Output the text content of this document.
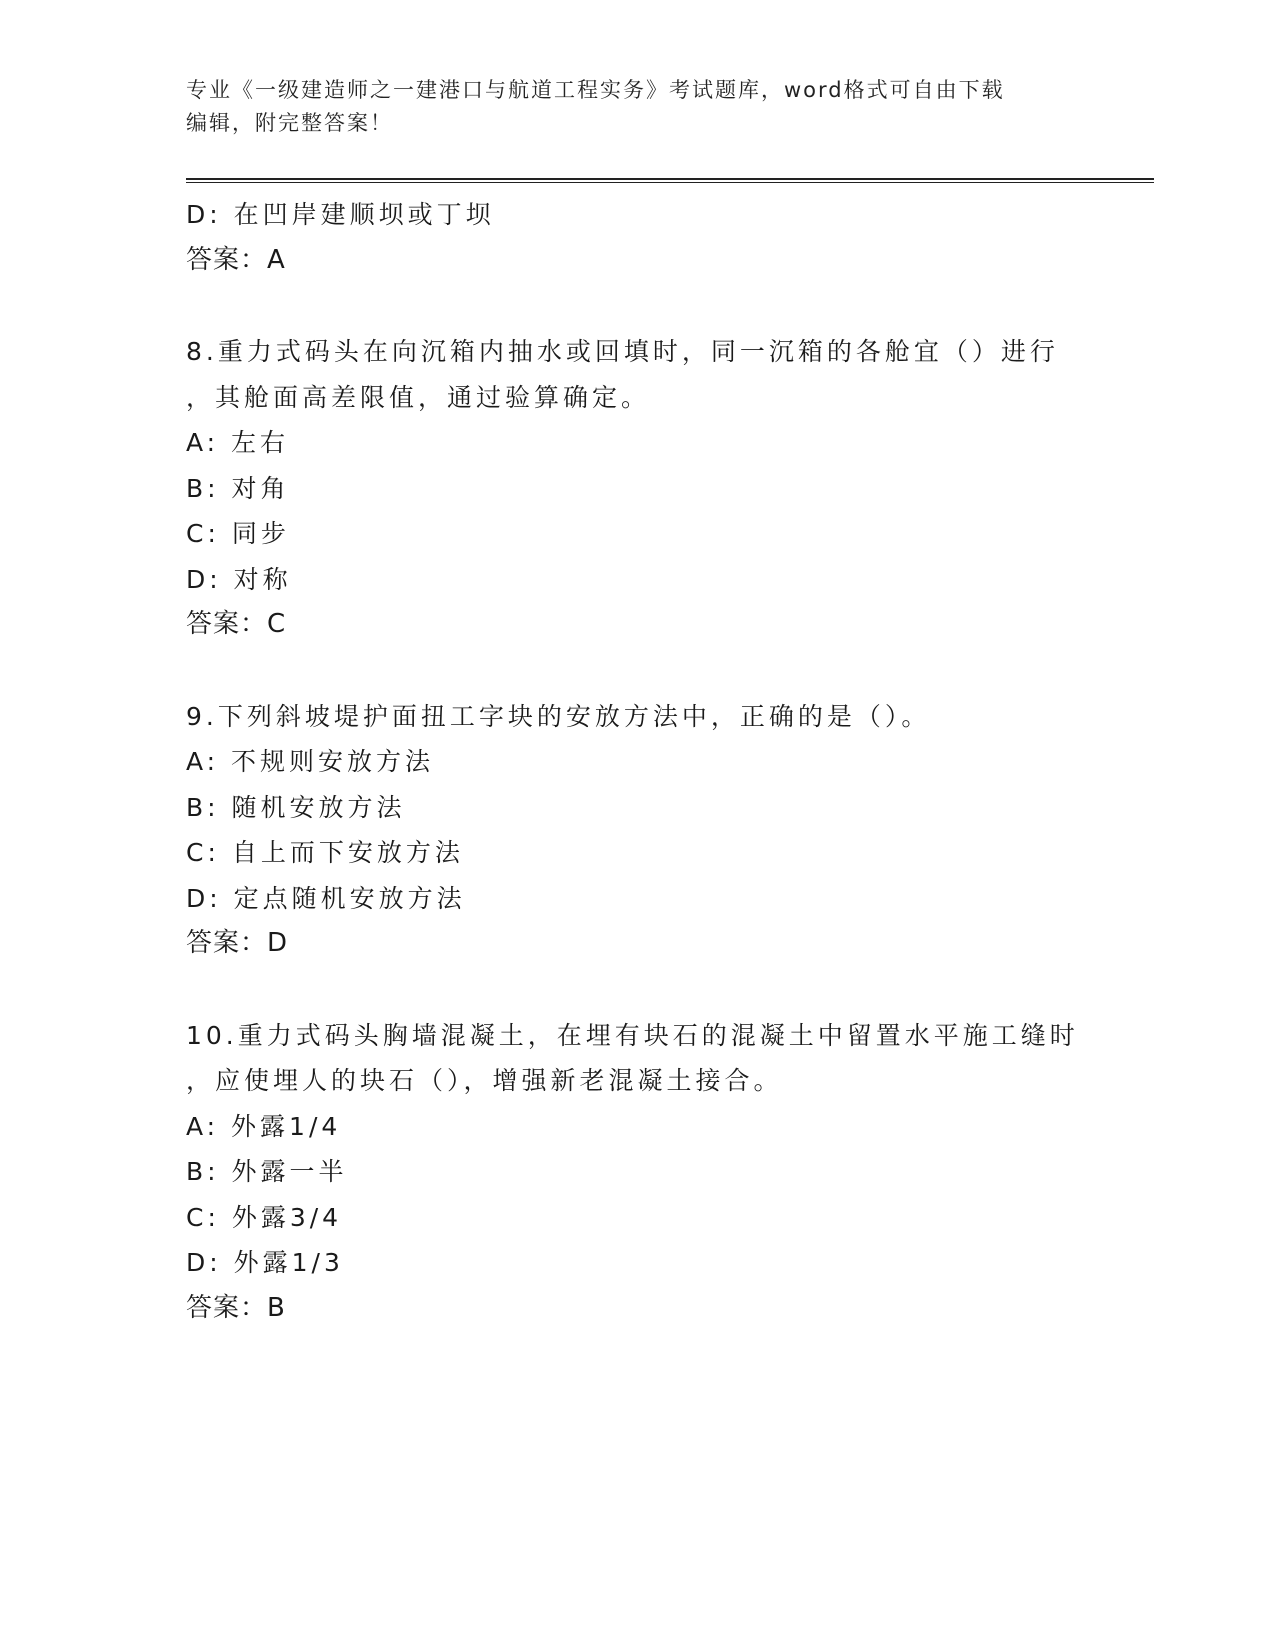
专业《一级建造师之一建港口与航道工程实务》考试题库，word格式可自由下载
编辑，附完整答案！
D: 在凹岸建顺坝或丁坝
答案：A
8.重力式码头在向沉箱内抽水或回填时，同一沉箱的各舱宜（）进行
，其舱面高差限值，通过验算确定。
A: 左右
B: 对角
C: 同步
D: 对称
答案：C
9.下列斜坡堤护面扭工字块的安放方法中，正确的是（）。
A: 不规则安放方法
B: 随机安放方法
C: 自上而下安放方法
D: 定点随机安放方法
答案：D
10.重力式码头胸墙混凝土，在埋有块石的混凝土中留置水平施工缝时
，应使埋人的块石（），增强新老混凝土接合。
A: 外露1/4
B: 外露一半
C: 外露3/4
D: 外露1/3
答案：B
